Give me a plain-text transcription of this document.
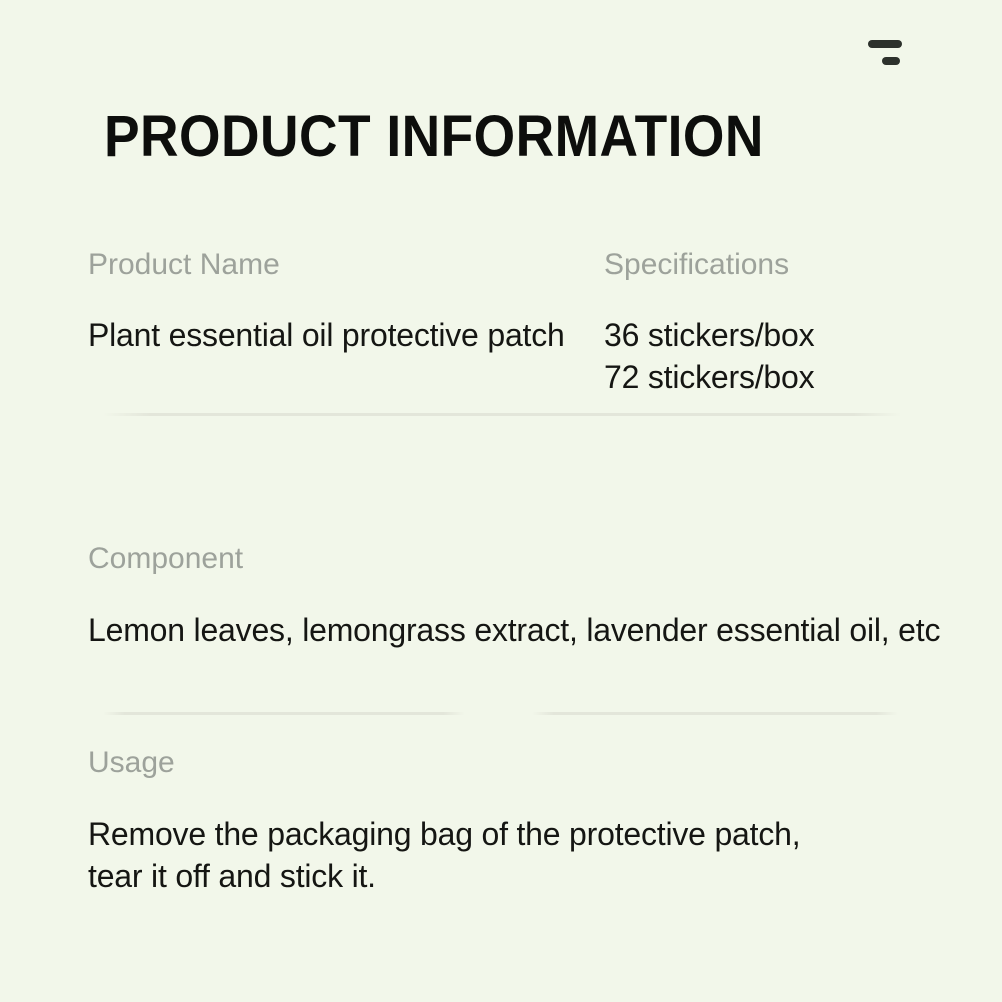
PRODUCT INFORMATION
Product Name	Specifications
Plant essential oil protective patch 36 stickers/box
72 stickers/box
Component
Lemon leaves, lemongrass extract, lavender essential oil, etc
Usage
Remove the packaging bag of the protective patch,
tear it off and stick it.
